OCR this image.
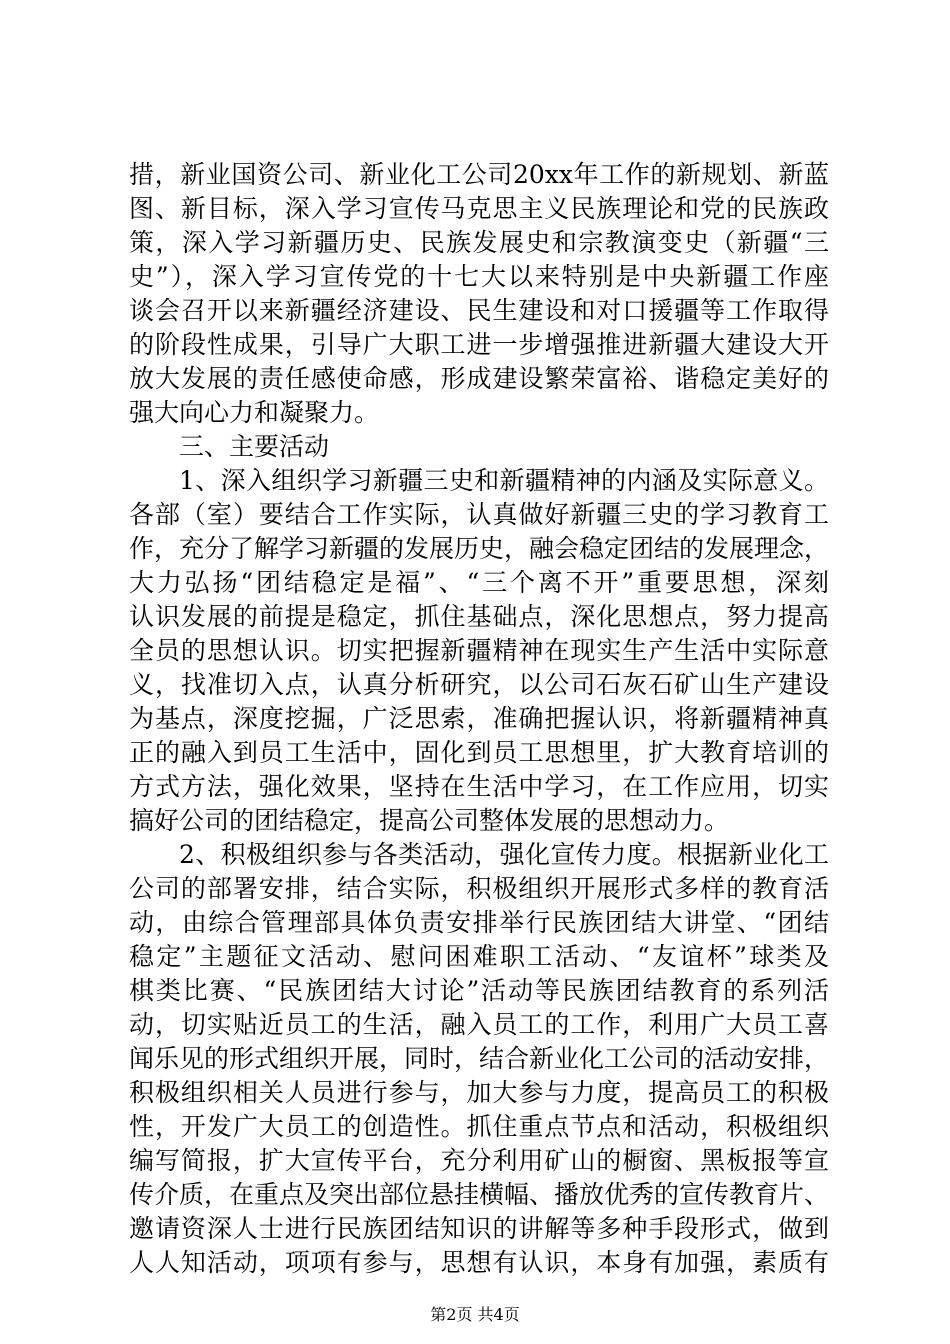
措，新业国资公司、新业化工公司20xx年工作的新规划、新蓝
图、新目标，深入学习宣传马克思主义民族理论和党的民族政
策，深入学习新疆历史、民族发展史和宗教演变史（新疆“三
史”），深入学习宣传党的十七大以来特别是中央新疆工作座
谈会召开以来新疆经济建设、民生建设和对口援疆等工作取得
的阶段性成果，引导广大职工进一步增强推进新疆大建设大开
放大发展的责任感使命感，形成建设繁荣富裕、谐稳定美好的
强大向心力和凝聚力。
三、主要活动
1、深入组织学习新疆三史和新疆精神的内涵及实际意义。
各部（室）要结合工作实际，认真做好新疆三史的学习教育工
作，充分了解学习新疆的发展历史，融会稳定团结的发展理念，
大力弘扬“团结稳定是福”、“三个离不开”重要思想，深刻
认识发展的前提是稳定，抓住基础点，深化思想点，努力提高
全员的思想认识。切实把握新疆精神在现实生产生活中实际意
义，找准切入点，认真分析研究，以公司石灰石矿山生产建设
为基点，深度挖掘，广泛思索，准确把握认识，将新疆精神真
正的融入到员工生活中，固化到员工思想里，扩大教育培训的
方式方法，强化效果，坚持在生活中学习，在工作应用，切实
搞好公司的团结稳定，提高公司整体发展的思想动力。
2、积极组织参与各类活动，强化宣传力度。根据新业化工
公司的部署安排，结合实际，积极组织开展形式多样的教育活
动，由综合管理部具体负责安排举行民族团结大讲堂、“团结
稳定”主题征文活动、慰问困难职工活动、“友谊杯”球类及
棋类比赛、“民族团结大讨论”活动等民族团结教育的系列活
动，切实贴近员工的生活，融入员工的工作，利用广大员工喜
闻乐见的形式组织开展，同时，结合新业化工公司的活动安排，
积极组织相关人员进行参与，加大参与力度，提高员工的积极
性，开发广大员工的创造性。抓住重点节点和活动，积极组织
编写简报，扩大宣传平台，充分利用矿山的橱窗、黑板报等宣
传介质，在重点及突出部位悬挂横幅、播放优秀的宣传教育片、
邀请资深人士进行民族团结知识的讲解等多种手段形式，做到
人人知活动，项项有参与，思想有认识，本身有加强，素质有
第2页 共4页
